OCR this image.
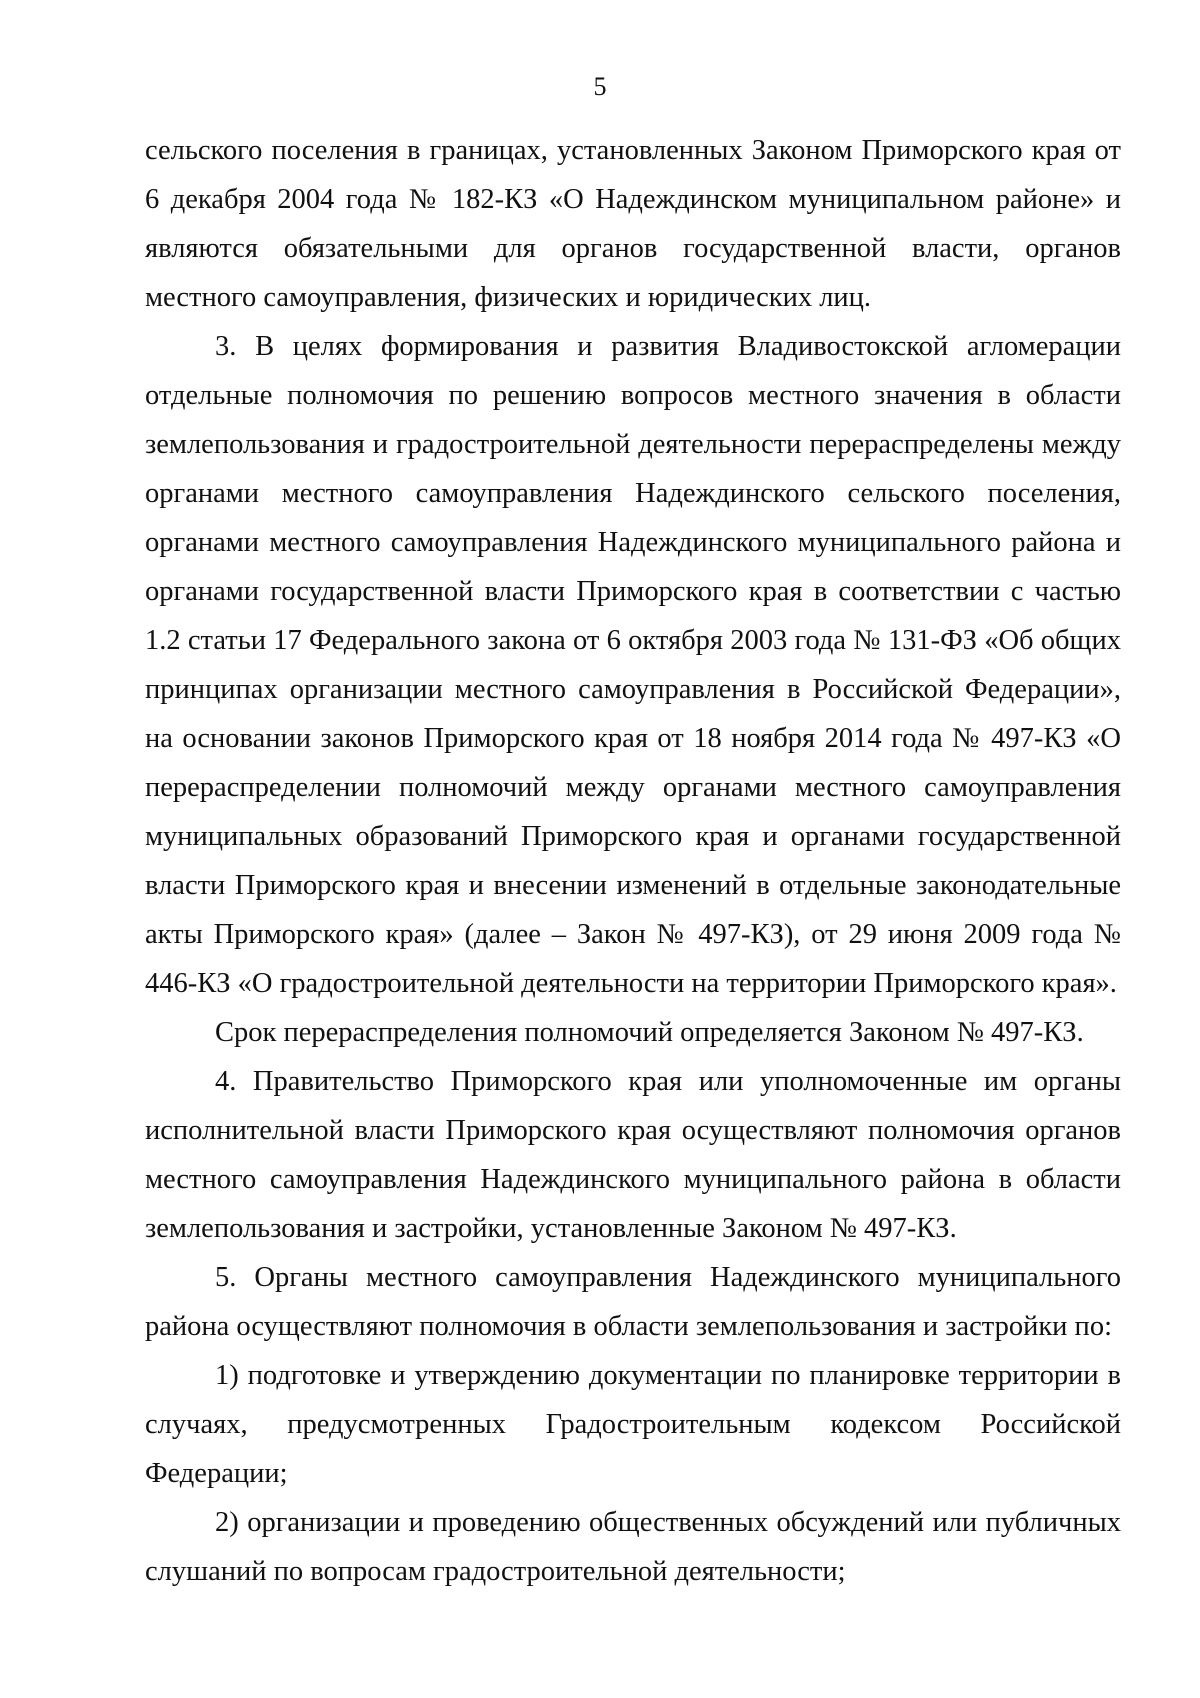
5

сельского поселения в границах, установленных Законом Приморского края от 6 декабря 2004 года № 182-КЗ «О Надеждинском муниципальном районе» и являются обязательными для органов государственной власти, органов местного самоуправления, физических и юридических лиц.

3. В целях формирования и развития Владивостокской агломерации отдельные полномочия по решению вопросов местного значения в области землепользования и градостроительной деятельности перераспределены между органами местного самоуправления Надеждинского сельского поселения, органами местного самоуправления Надеждинского муниципального района и органами государственной власти Приморского края в соответствии с частью 1.2 статьи 17 Федерального закона от 6 октября 2003 года № 131-ФЗ «Об общих принципах организации местного самоуправления в Российской Федерации», на основании законов Приморского края от 18 ноября 2014 года № 497-КЗ «О перераспределении полномочий между органами местного самоуправления муниципальных образований Приморского края и органами государственной власти Приморского края и внесении изменений в отдельные законодательные акты Приморского края» (далее – Закон № 497-КЗ), от 29 июня 2009 года № 446-КЗ «О градостроительной деятельности на территории Приморского края».

Срок перераспределения полномочий определяется Законом № 497-КЗ.

4. Правительство Приморского края или уполномоченные им органы исполнительной власти Приморского края осуществляют полномочия органов местного самоуправления Надеждинского муниципального района в области землепользования и застройки, установленные Законом № 497-КЗ.

5. Органы местного самоуправления Надеждинского муниципального района осуществляют полномочия в области землепользования и застройки по:

1) подготовке и утверждению документации по планировке территории в случаях, предусмотренных Градостроительным кодексом Российской Федерации;

2) организации и проведению общественных обсуждений или публичных слушаний по вопросам градостроительной деятельности;
